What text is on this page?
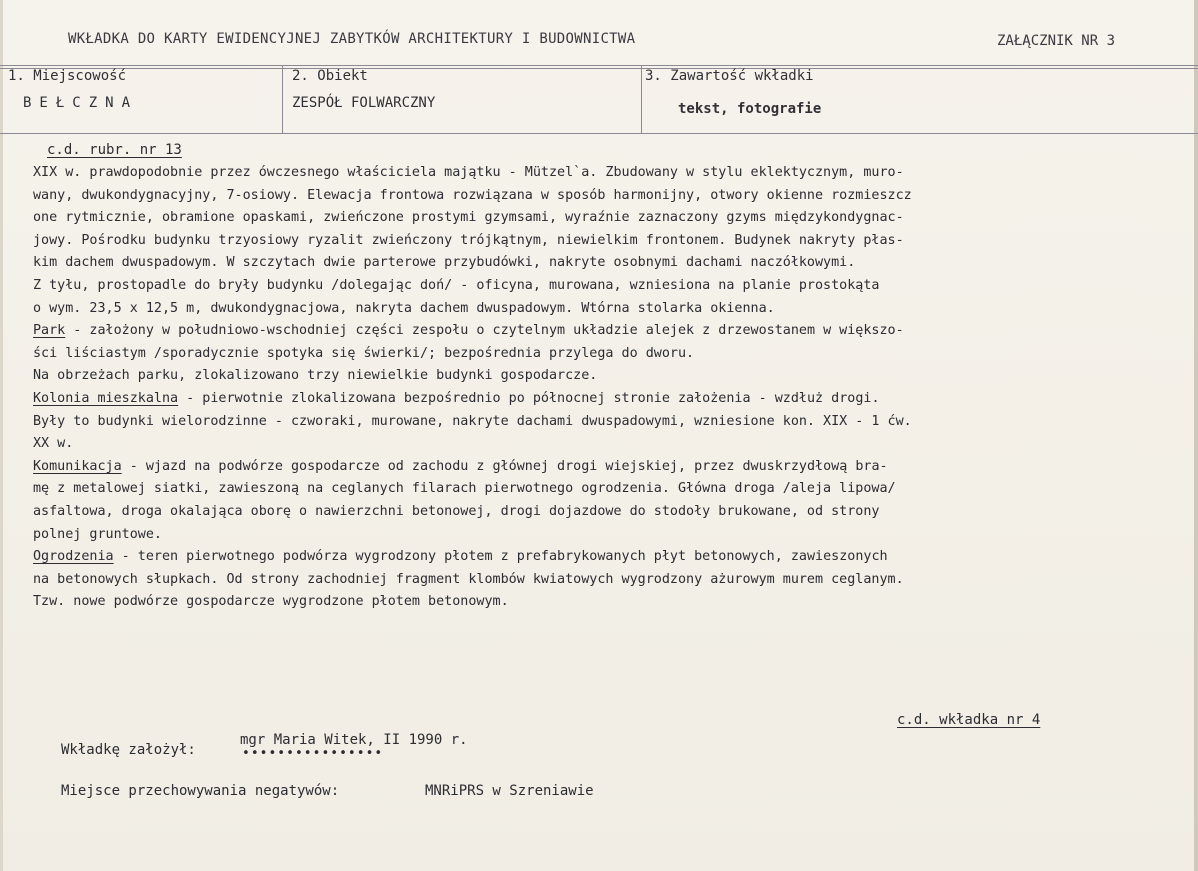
WKŁADKA DO KARTY EWIDENCYJNEJ ZABYTKÓW ARCHITEKTURY I BUDOWNICTWA	ZAŁĄCZNIK NR 3
1. Miejscowość
BEŁCZNA
2. Obiekt
ZESPÓŁ FOLWARCZNY
3. Zawartość wkładki
tekst, fotografie
c.d. rubr. nr 13
XIX w. prawdopodobnie przez ówczesnego właściciela majątku - Mützel`a. Zbudowany w stylu eklektycznym, muro-
wany, dwukondygnacyjny, 7-osiowy. Elewacja frontowa rozwiązana w sposób harmonijny, otwory okienne rozmieszcz
one rytmicznie, obramione opaskami, zwieńczone prostymi gzymsami, wyraźnie zaznaczony gzyms międzykondygnac-
jowy. Pośrodku budynku trzyosiowy ryzalit zwieńczony trójkątnym, niewielkim frontonem. Budynek nakryty płas-
kim dachem dwuspadowym. W szczytach dwie parterowe przybudówki, nakryte osobnymi dachami naczółkowymi.
Z tyłu, prostopadle do bryły budynku /dolegając doń/ - oficyna, murowana, wzniesiona na planie prostokąta
o wym. 23,5 x 12,5 m, dwukondygnacjowa, nakryta dachem dwuspadowym. Wtórna stolarka okienna.
Park - założony w południowo-wschodniej części zespołu o czytelnym układzie alejek z drzewostanem w większo-
ści liściastym /sporadycznie spotyka się świerki/; bezpośrednia przylega do dworu.
Na obrzeżach parku, zlokalizowano trzy niewielkie budynki gospodarcze.
Kolonia mieszkalna - pierwotnie zlokalizowana bezpośrednio po północnej stronie założenia - wzdłuż drogi.
Były to budynki wielorodzinne - czworaki, murowane, nakryte dachami dwuspadowymi, wzniesione kon. XIX - 1 ćw.
XX w.
Komunikacja - wjazd na podwórze gospodarcze od zachodu z głównej drogi wiejskiej, przez dwuskrzydłową bra-
mę z metalowej siatki, zawieszoną na ceglanych filarach pierwotnego ogrodzenia. Główna droga /aleja lipowa/
asfaltowa, droga okalająca oborę o nawierzchni betonowej, drogi dojazdowe do stodoły brukowane, od strony
polnej gruntowe.
Ogrodzenia - teren pierwotnego podwórza wygrodzony płotem z prefabrykowanych płyt betonowych, zawieszonych
na betonowych słupkach. Od strony zachodniej fragment klombów kwiatowych wygrodzony ażurowym murem ceglanym.
Tzw. nowe podwórze gospodarcze wygrodzone płotem betonowym.
c.d. wkładka nr 4
Wkładkę założył:
mgr Maria Witek, II 1990 r.
••••••••••••••••
Miejsce przechowywania negatywów:	MNRiPRS w Szreniawie
